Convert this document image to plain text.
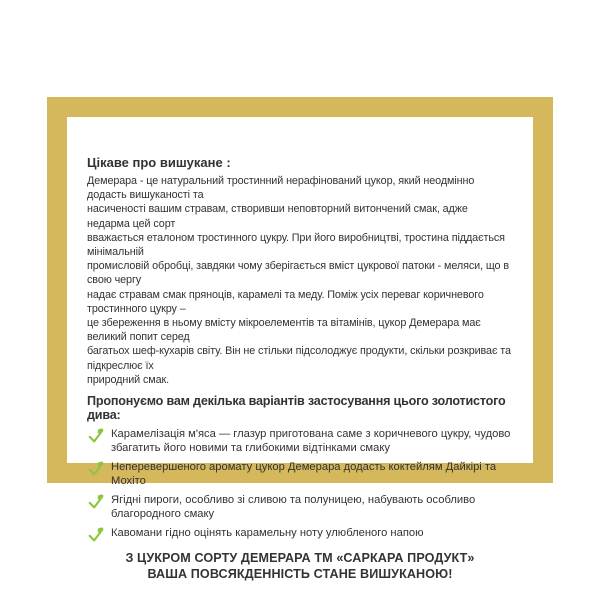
Цікаве про вишукане :
Демерара - це натуральний тростинний нерафінований цукор, який неодмінно додасть вишуканості та
насиченості вашим стравам, створивши неповторний витончений смак, адже недарма цей сорт
вважається еталоном тростинного цукру. При його виробництві, тростина піддається мінімальній
промисловій обробці, завдяки чому зберігається вміст цукрової патоки - меляси, що в свою чергу
надає стравам смак пряноців, карамелі та меду. Поміж усіх переваг коричневого тростинного цукру –
це збереження в ньому вмісту мікроелементів та вітамінів, цукор Демерара має великий попит серед
багатьох шеф-кухарів світу. Він не стільки підсолоджує продукти, скільки розкриває та підкреслює їх
природний смак.
Пропонуємо вам декілька варіантів застосування цього золотистого дива:
Карамелізація м'яса — глазур приготована саме з коричневого цукру, чудово
збагатить його новими та глибокими відтінками смаку
Неперевершеного аромату цукор Демерара додасть коктейлям Дайкірі та Мохіто
Ягідні пироги, особливо зі сливою та полуницею, набувають особливо
благородного смаку
Кавомани гідно оцінять карамельну ноту улюбленого напою
З ЦУКРОМ СОРТУ ДЕМЕРАРА ТМ «САРКАРА ПРОДУКТ»
ВАША ПОВСЯКДЕННІСТЬ СТАНЕ ВИШУКАНОЮ!
